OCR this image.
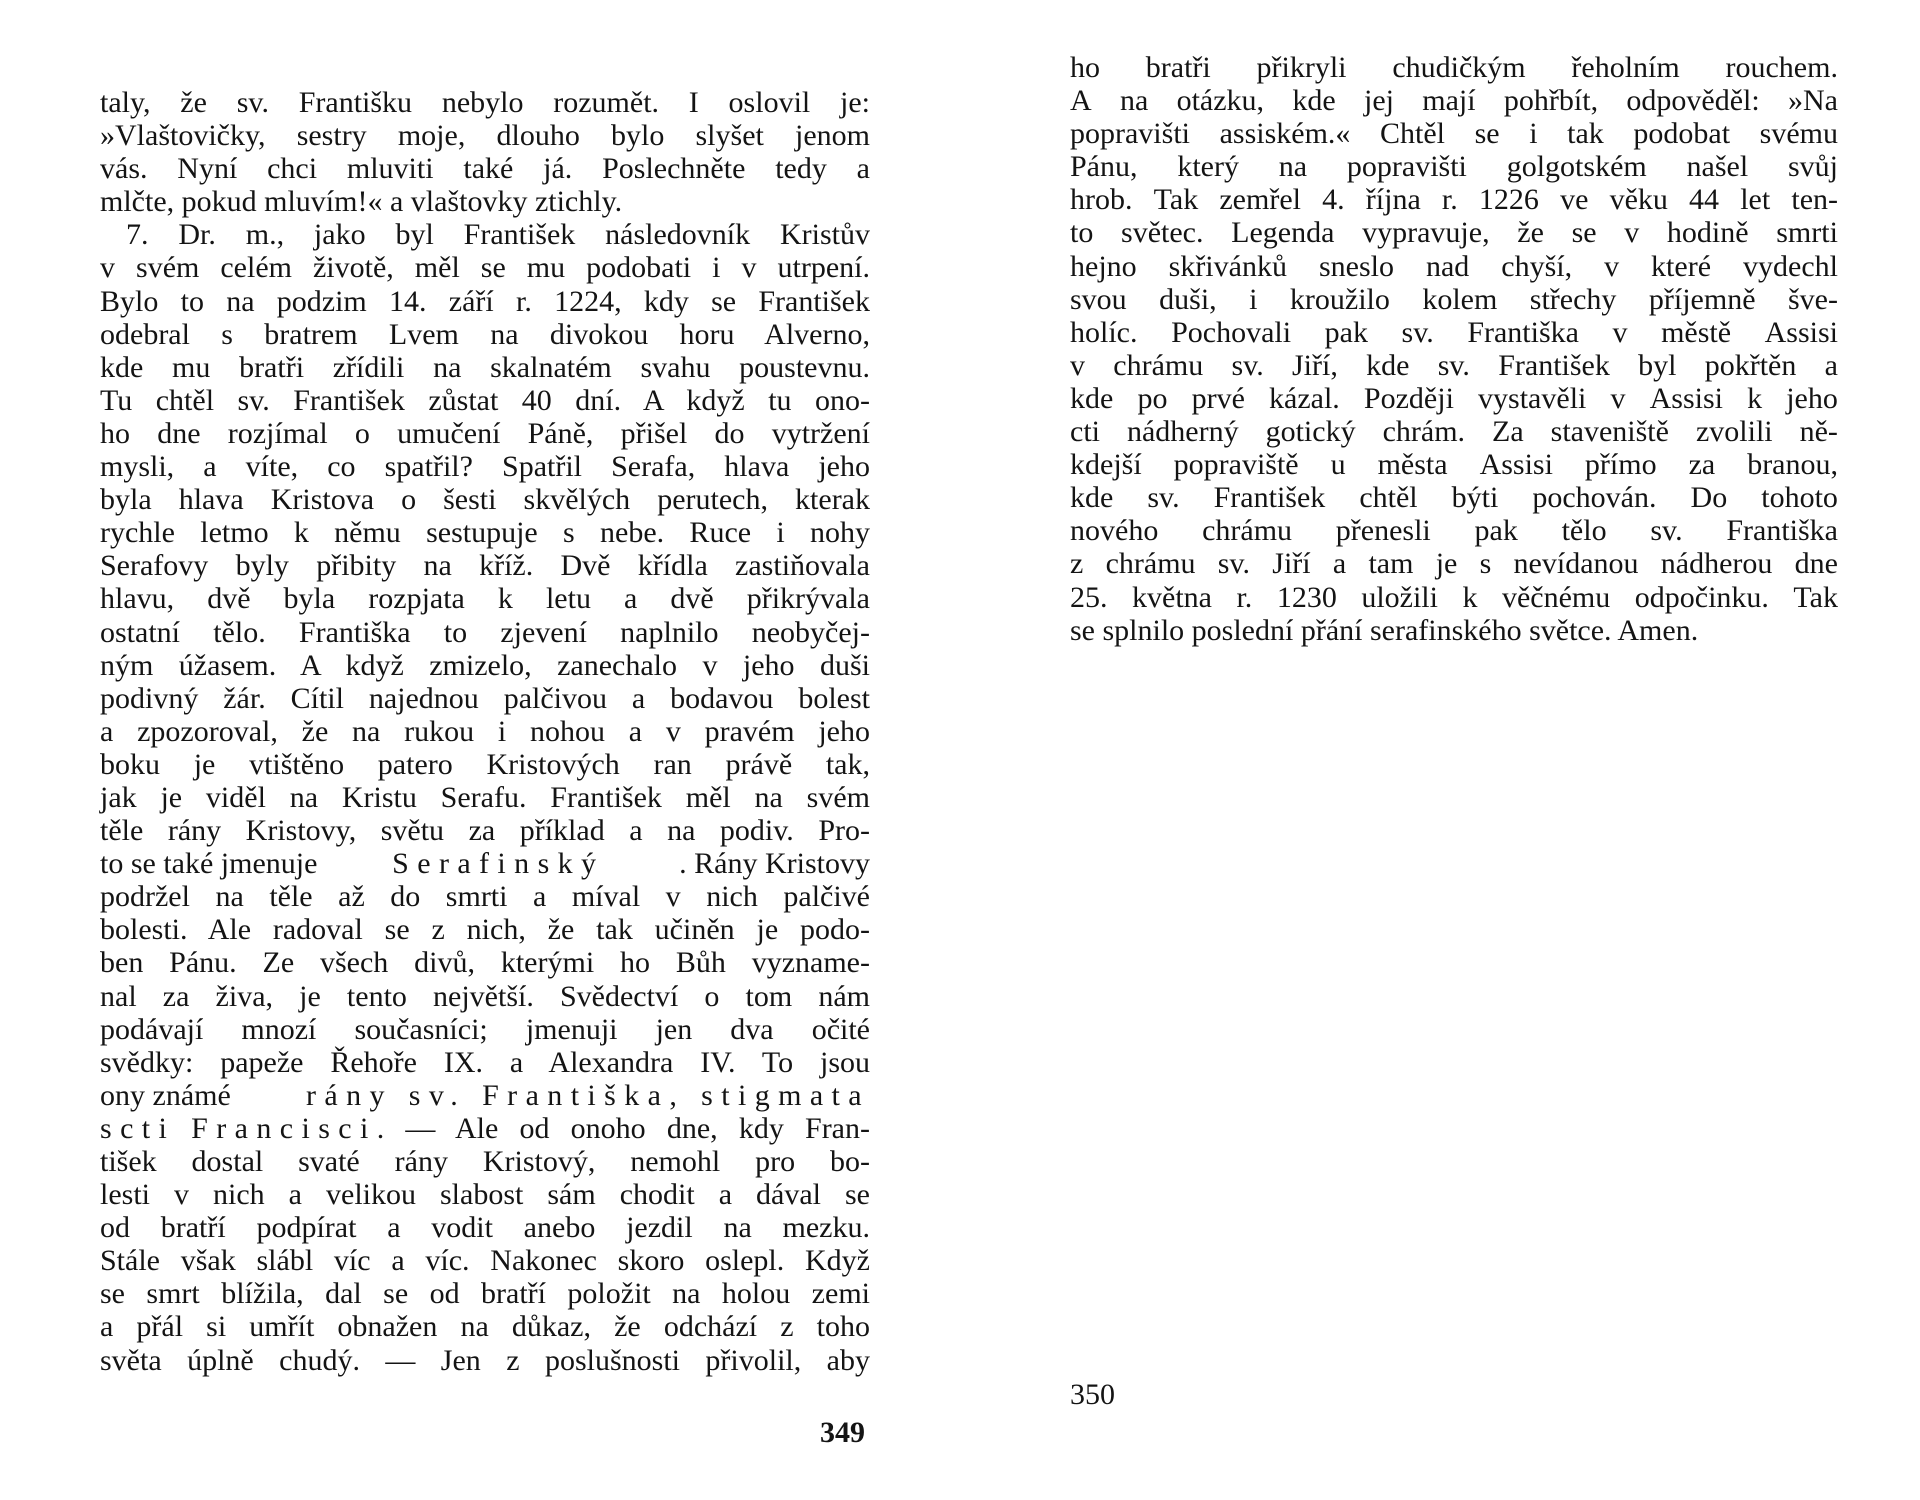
taly, že sv. Františku nebylo rozumět. I oslovil je:
»Vlaštovičky, sestry moje, dlouho bylo slyšet jenom
vás. Nyní chci mluviti také já. Poslechněte tedy a
mlčte, pokud mluvím!« a vlaštovky ztichly.
7. Dr. m., jako byl František následovník Kristův
v svém celém životě, měl se mu podobati i v utrpení.
Bylo to na podzim 14. září r. 1224, kdy se František
odebral s bratrem Lvem na divokou horu Alverno,
kde mu bratři zřídili na skalnatém svahu poustevnu.
Tu chtěl sv. František zůstat 40 dní. A když tu ono-
ho dne rozjímal o umučení Páně, přišel do vytržení
mysli, a víte, co spatřil? Spatřil Serafa, hlava jeho
byla hlava Kristova o šesti skvělých perutech, kterak
rychle letmo k němu sestupuje s nebe. Ruce i nohy
Serafovy byly přibity na kříž. Dvě křídla zastiňovala
hlavu, dvě byla rozpjata k letu a dvě přikrývala
ostatní tělo. Františka to zjevení naplnilo neobyčej-
ným úžasem. A když zmizelo, zanechalo v jeho duši
podivný žár. Cítil najednou palčivou a bodavou bolest
a zpozoroval, že na rukou i nohou a v pravém jeho
boku je vtištěno patero Kristových ran právě tak,
jak je viděl na Kristu Serafu. František měl na svém
těle rány Kristovy, světu za příklad a na podiv. Pro-
to se také jmenuje Serafinský . Rány Kristovy
podržel na těle až do smrti a míval v nich palčivé
bolesti. Ale radoval se z nich, že tak učiněn je podo-
ben Pánu. Ze všech divů, kterými ho Bůh vyzname-
nal za živa, je tento největší. Svědectví o tom nám
podávají mnozí současníci; jmenuji jen dva očité
svědky: papeže Řehoře IX. a Alexandra IV. To jsou
ony známé	rány sv. Františka, stigmata
scti Francisci . — Ale od onoho dne, kdy Fran-
tišek dostal svaté rány Kristový, nemohl pro bo-
lesti v nich a velikou slabost sám chodit a dával se
od bratří podpírat a vodit anebo jezdil na mezku.
Stále však slábl víc a víc. Nakonec skoro oslepl. Když
se smrt blížila, dal se od bratří položit na holou zemi
a přál si umřít obnažen na důkaz, že odchází z toho
světa úplně chudý. — Jen z poslušnosti přivolil, aby
349
ho bratři přikryli chudičkým řeholním rouchem.
A na otázku, kde jej mají pohřbít, odpověděl: »Na
popravišti assiském.« Chtěl se i tak podobat svému
Pánu, který na popravišti golgotském našel svůj
hrob. Tak zemřel 4. října r. 1226 ve věku 44 let ten-
to světec. Legenda vypravuje, že se v hodině smrti
hejno skřivánků sneslo nad chyší, v které vydechl
svou duši, i kroužilo kolem střechy příjemně šve-
holíc. Pochovali pak sv. Františka v městě Assisi
v chrámu sv. Jiří, kde sv. František byl pokřtěn a
kde po prvé kázal. Později vystavěli v Assisi k jeho
cti nádherný gotický chrám. Za staveniště zvolili ně-
kdejší popraviště u města Assisi přímo za branou,
kde sv. František chtěl býti pochován. Do tohoto
nového chrámu přenesli pak tělo sv. Františka
z chrámu sv. Jiří a tam je s nevídanou nádherou dne
25. května r. 1230 uložili k věčnému odpočinku. Tak
se splnilo poslední přání serafinského světce. Amen.
350
